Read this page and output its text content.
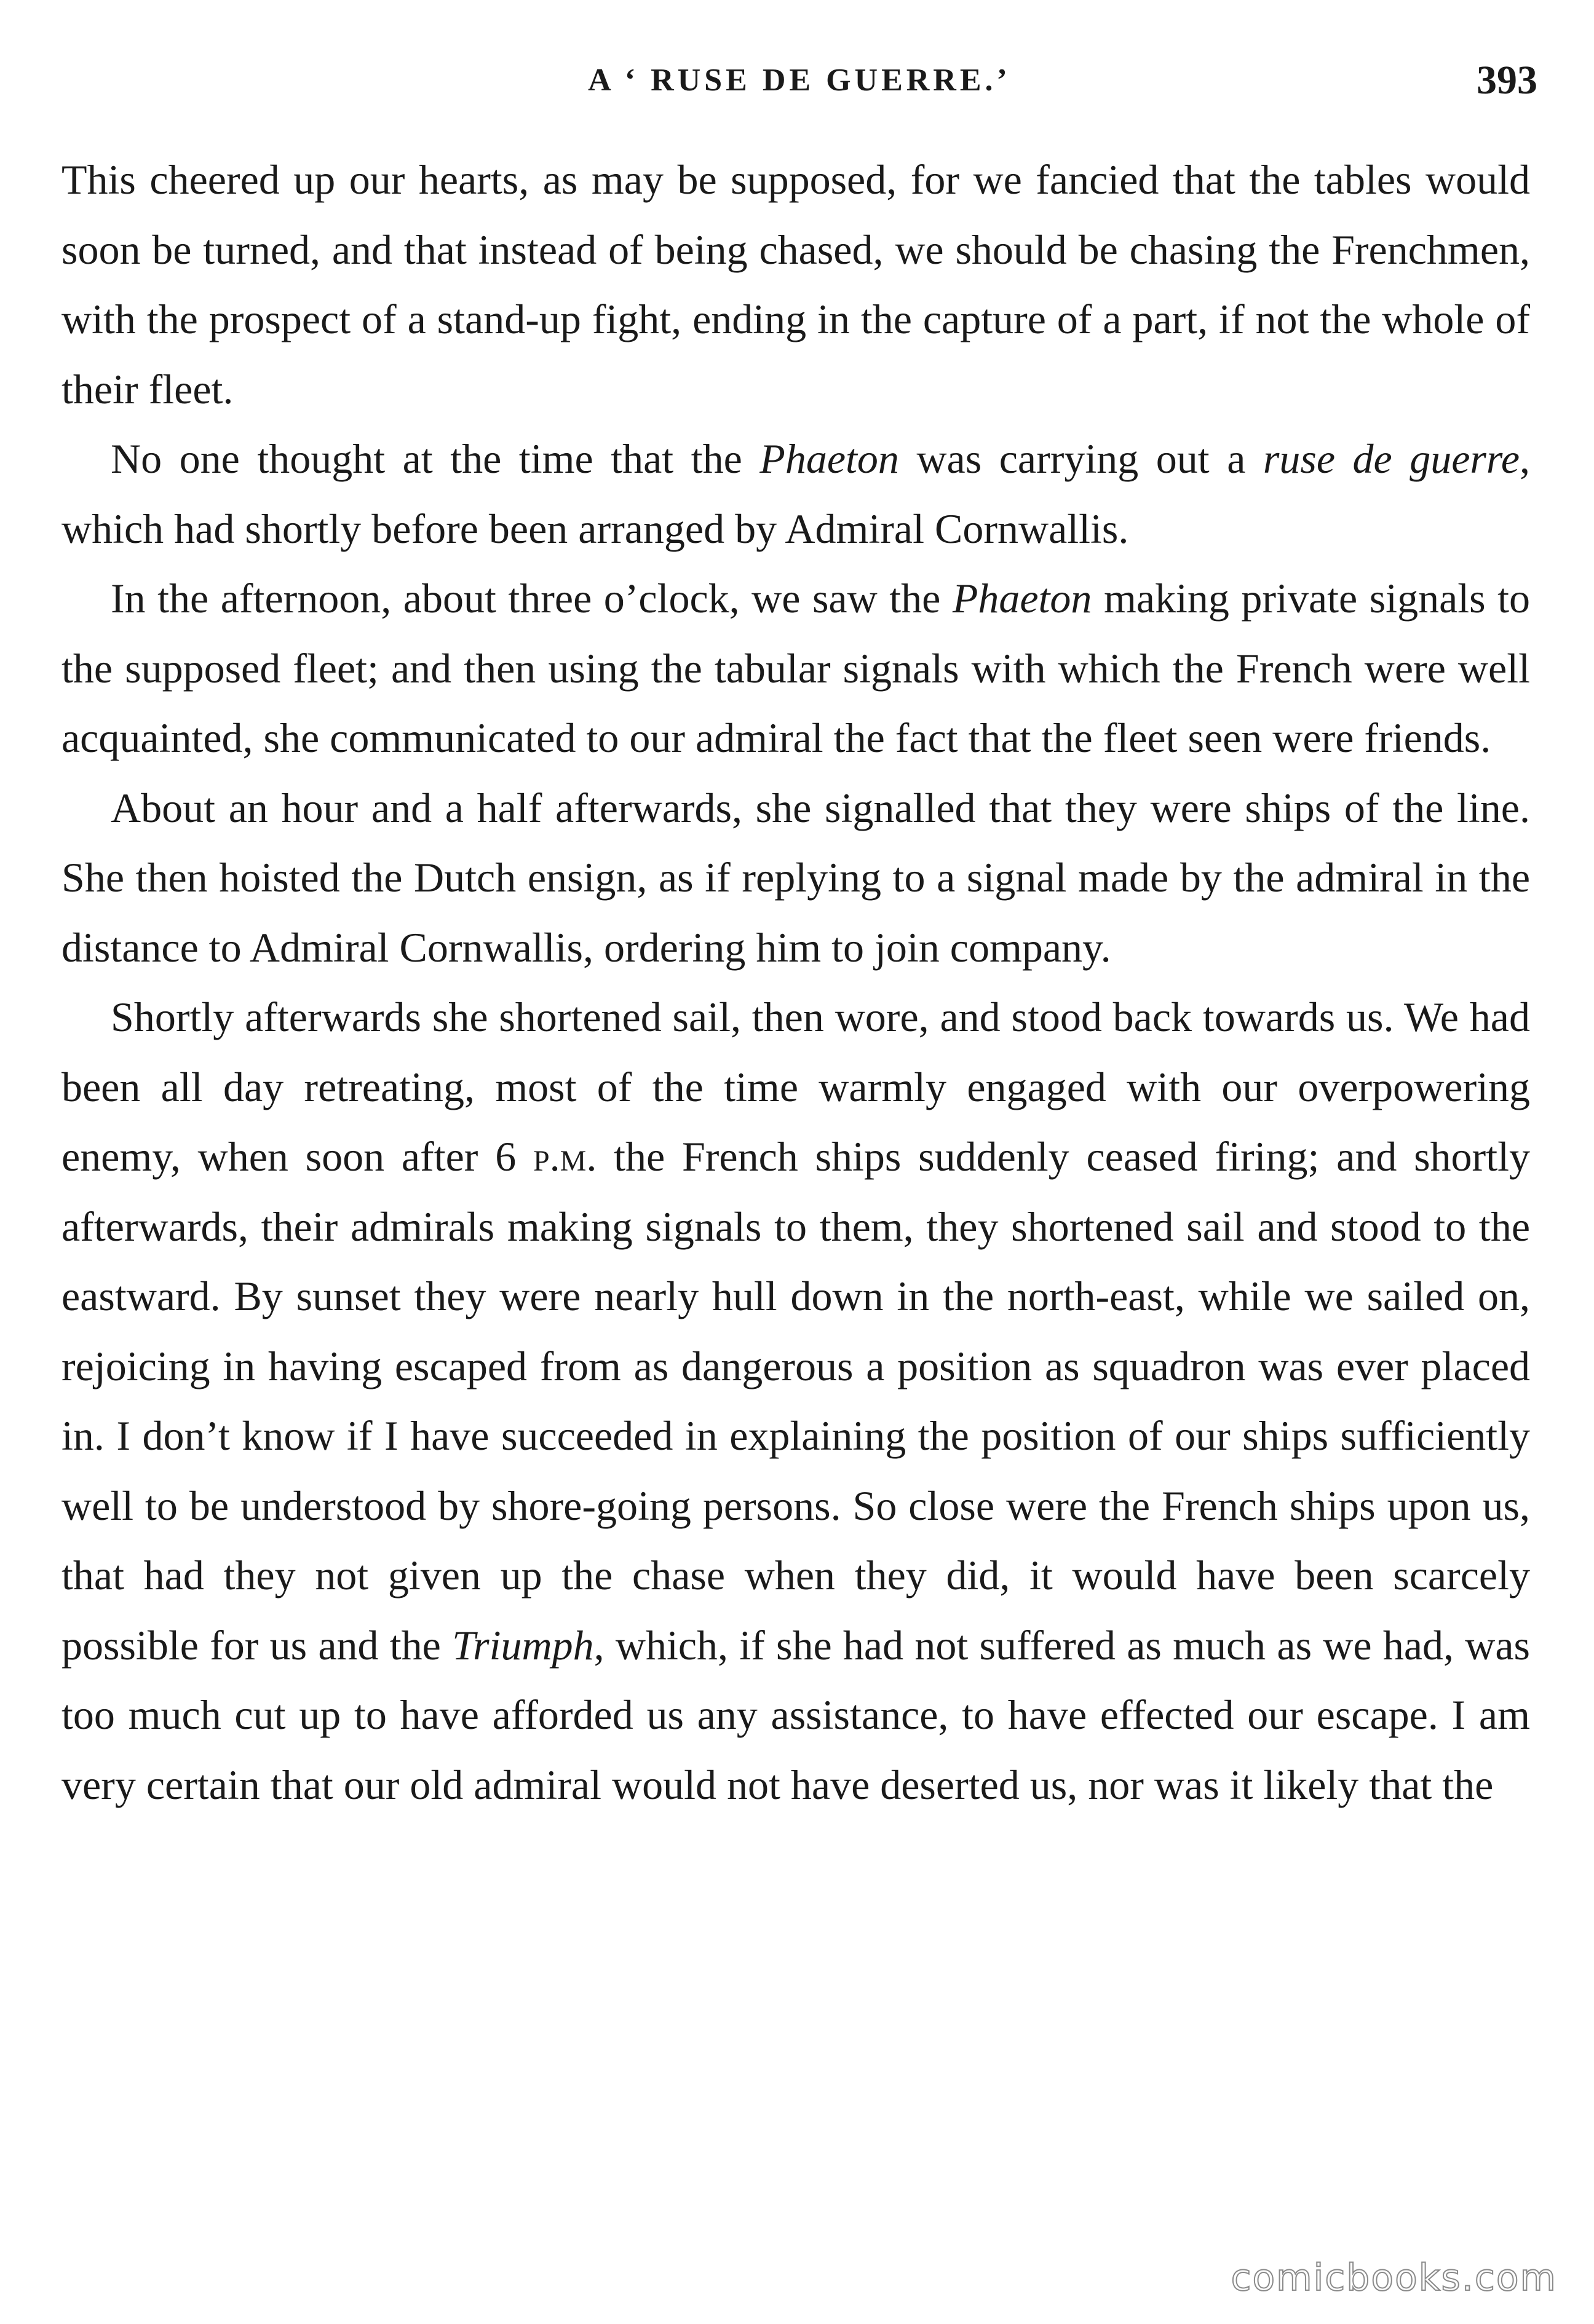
A ‘ RUSE DE GUERRE.’	393

This cheered up our hearts, as may be supposed, for we fancied that the tables would soon be turned, and that instead of being chased, we should be chasing the Frenchmen, with the prospect of a stand-up fight, ending in the capture of a part, if not the whole of their fleet.

No one thought at the time that the Phaeton was carrying out a ruse de guerre, which had shortly before been arranged by Admiral Cornwallis.

In the afternoon, about three o’clock, we saw the Phaeton making private signals to the supposed fleet; and then using the tabular signals with which the French were well acquainted, she communicated to our admiral the fact that the fleet seen were friends.

About an hour and a half afterwards, she signalled that they were ships of the line. She then hoisted the Dutch ensign, as if replying to a signal made by the admiral in the distance to Admiral Cornwallis, ordering him to join company.

Shortly afterwards she shortened sail, then wore, and stood back towards us. We had been all day retreating, most of the time warmly engaged with our overpowering enemy, when soon after 6 p.m. the French ships suddenly ceased firing; and shortly afterwards, their admirals making signals to them, they shortened sail and stood to the eastward. By sunset they were nearly hull down in the north-east, while we sailed on, rejoicing in having escaped from as dangerous a position as squadron was ever placed in. I don’t know if I have succeeded in explaining the position of our ships sufficiently well to be understood by shore-going persons. So close were the French ships upon us, that had they not given up the chase when they did, it would have been scarcely possible for us and the Triumph, which, if she had not suffered as much as we had, was too much cut up to have afforded us any assistance, to have effected our escape. I am very certain that our old admiral would not have deserted us, nor was it likely that the

comicbooks.com
